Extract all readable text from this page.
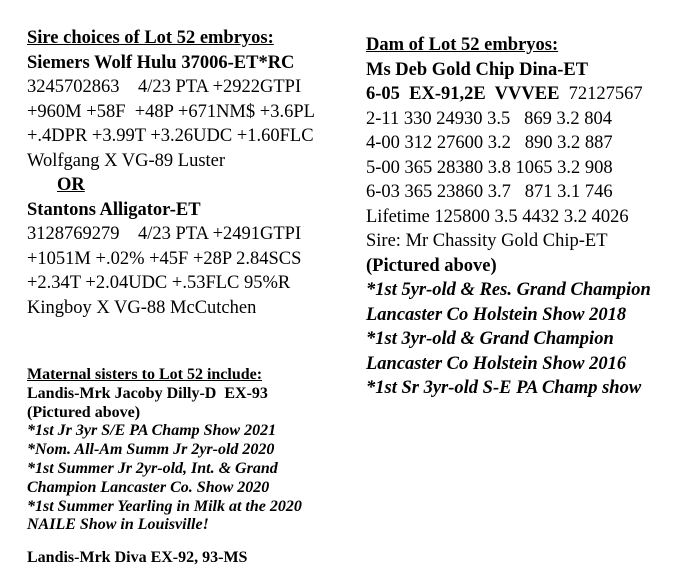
Sire choices of Lot 52 embryos:
Siemers Wolf Hulu 37006-ET*RC
3245702863    4/23 PTA +2922GTPI
+960M +58F  +48P +671NM$ +3.6PL
+.4DPR +3.99T +3.26UDC +1.60FLC
Wolfgang X VG-89 Luster
OR
Stantons Alligator-ET
3128769279    4/23 PTA +2491GTPI
+1051M +.02% +45F +28P 2.84SCS
+2.34T +2.04UDC +.53FLC 95%R
Kingboy X VG-88 McCutchen
Maternal sisters to Lot 52 include:
Landis-Mrk Jacoby Dilly-D  EX-93
(Pictured above)
*1st Jr 3yr S/E PA Champ Show 2021
*Nom. All-Am Summ Jr 2yr-old 2020
*1st Summer Jr 2yr-old, Int. & Grand
Champion Lancaster Co. Show 2020
*1st Summer Yearling in Milk at the 2020
NAILE Show in Louisville!
Landis-Mrk Diva EX-92, 93-MS
Dam of Lot 52 embryos:
Ms Deb Gold Chip Dina-ET
6-05  EX-91,2E  VVVEE 72127567
2-11 330 24930 3.5   869 3.2 804
4-00 312 27600 3.2   890 3.2 887
5-00 365 28380 3.8 1065 3.2 908
6-03 365 23860 3.7   871 3.1 746
Lifetime 125800 3.5 4432 3.2 4026
Sire: Mr Chassity Gold Chip-ET
(Pictured above)
*1st 5yr-old & Res. Grand Champion
Lancaster Co Holstein Show 2018
*1st 3yr-old & Grand Champion
Lancaster Co Holstein Show 2016
*1st Sr 3yr-old S-E PA Champ show
